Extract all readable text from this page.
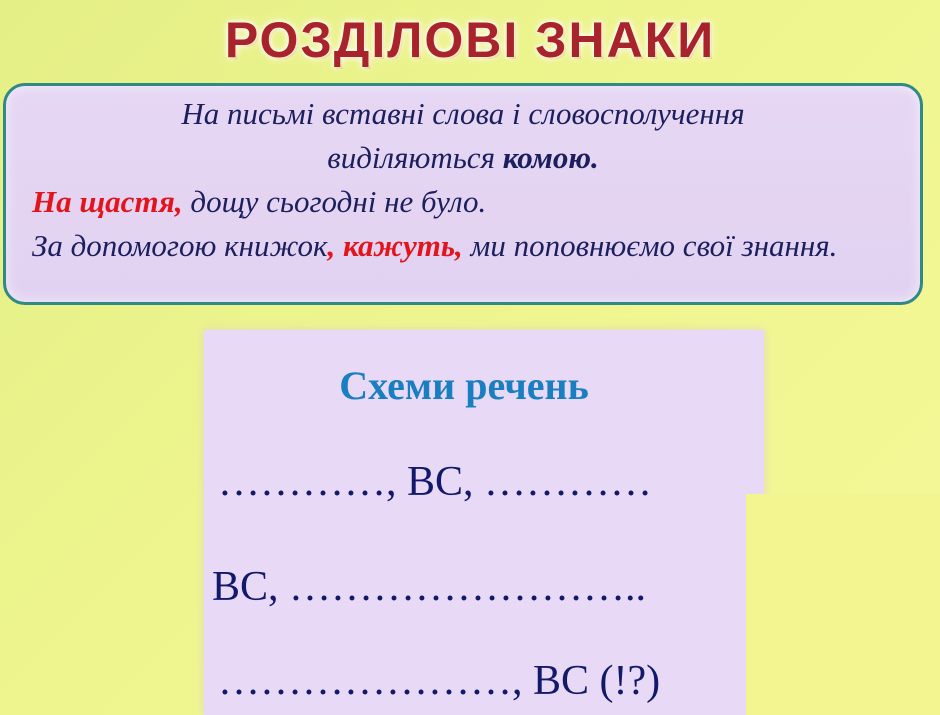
РОЗДІЛОВІ ЗНАКИ
На письмі вставні слова і словосполучення
виділяються комою.
На щастя, дощу сьогодні не було.
За допомогою книжок, кажуть, ми поповнюємо свої знання.
Схеми речень
…………, ВС, …………
ВС, ……………………..
…………………, ВС (!?)
